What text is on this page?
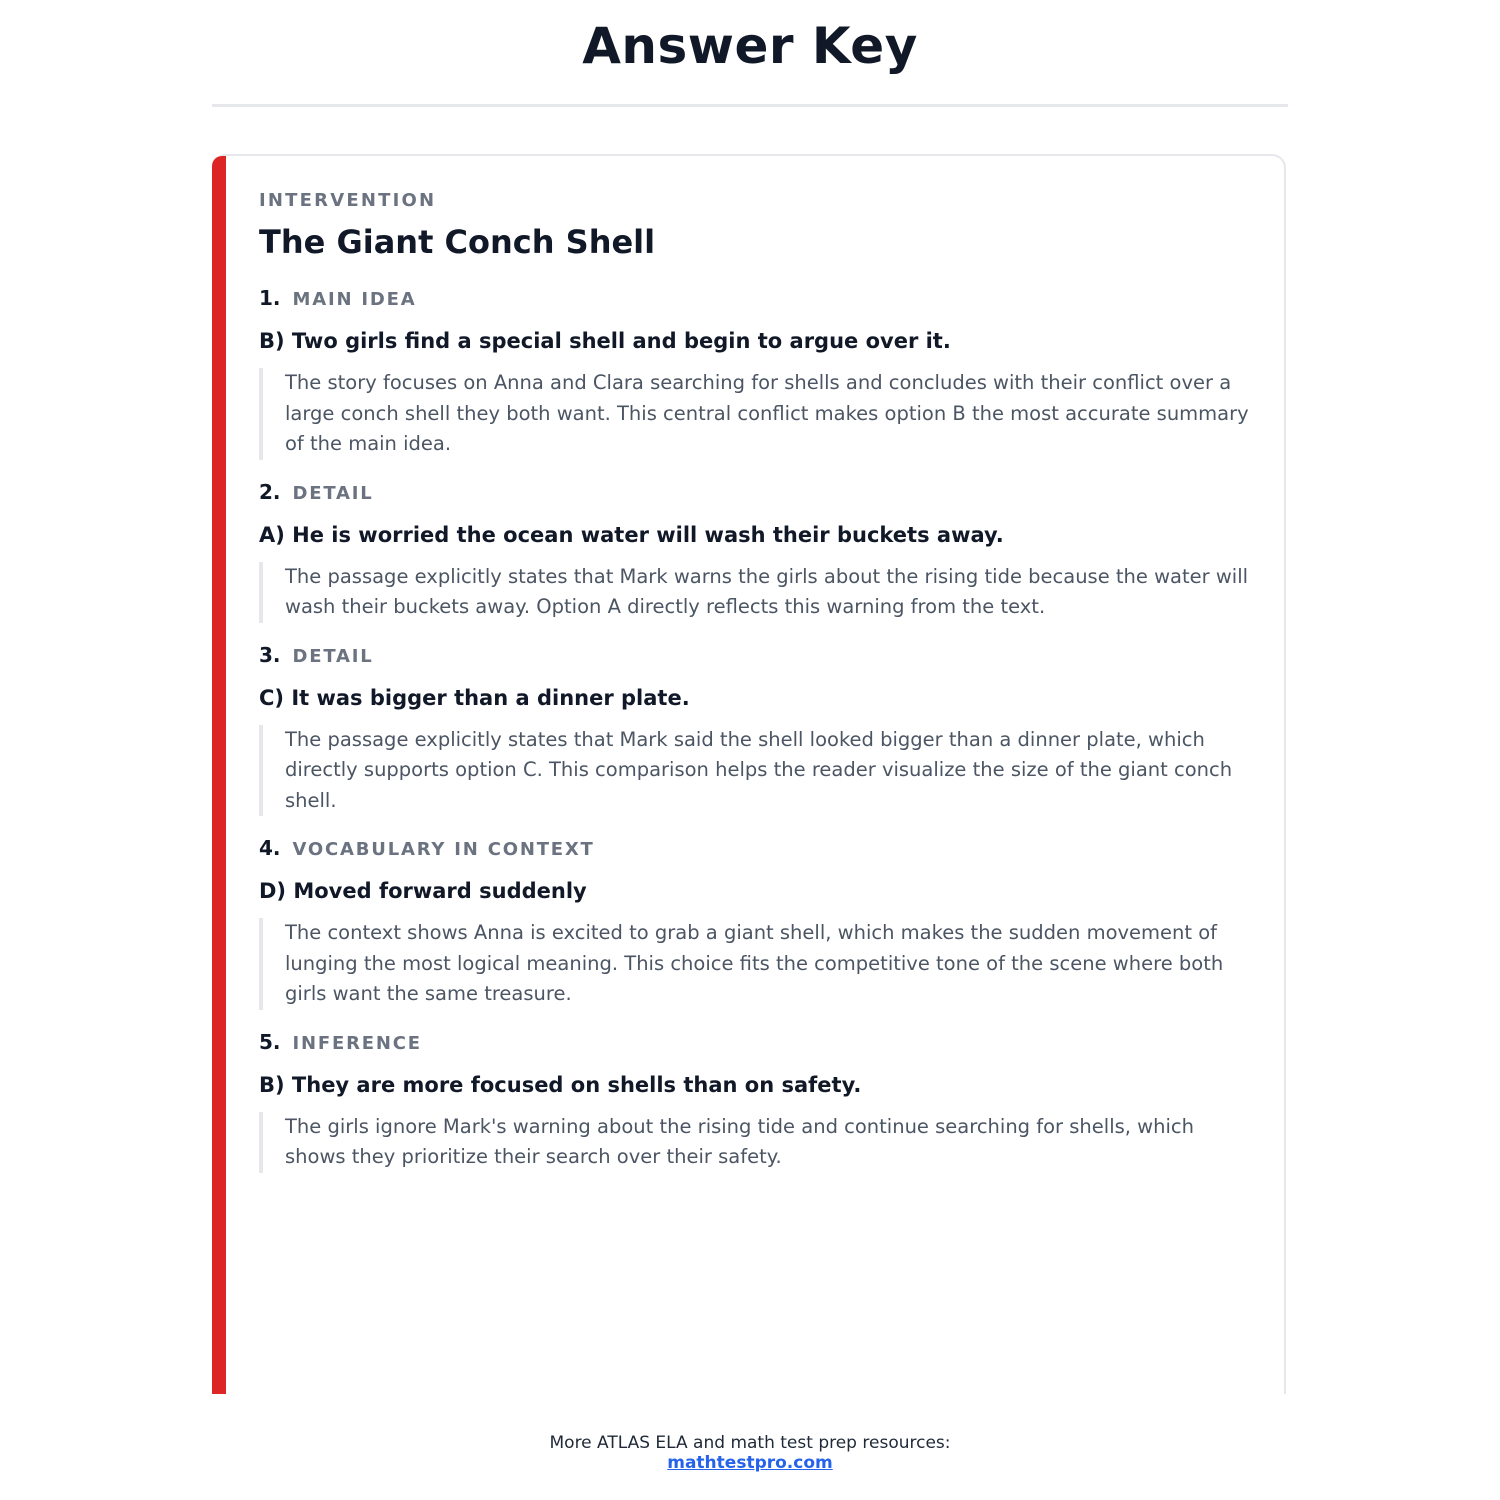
Answer Key
INTERVENTION
The Giant Conch Shell
1. MAIN IDEA
B) Two girls find a special shell and begin to argue over it.
The story focuses on Anna and Clara searching for shells and concludes with their conflict over a large conch shell they both want. This central conflict makes option B the most accurate summary of the main idea.
2. DETAIL
A) He is worried the ocean water will wash their buckets away.
The passage explicitly states that Mark warns the girls about the rising tide because the water will wash their buckets away. Option A directly reflects this warning from the text.
3. DETAIL
C) It was bigger than a dinner plate.
The passage explicitly states that Mark said the shell looked bigger than a dinner plate, which directly supports option C. This comparison helps the reader visualize the size of the giant conch shell.
4. VOCABULARY IN CONTEXT
D) Moved forward suddenly
The context shows Anna is excited to grab a giant shell, which makes the sudden movement of lunging the most logical meaning. This choice fits the competitive tone of the scene where both girls want the same treasure.
5. INFERENCE
B) They are more focused on shells than on safety.
The girls ignore Mark's warning about the rising tide and continue searching for shells, which shows they prioritize their search over their safety.
More ATLAS ELA and math test prep resources:
mathtestpro.com
